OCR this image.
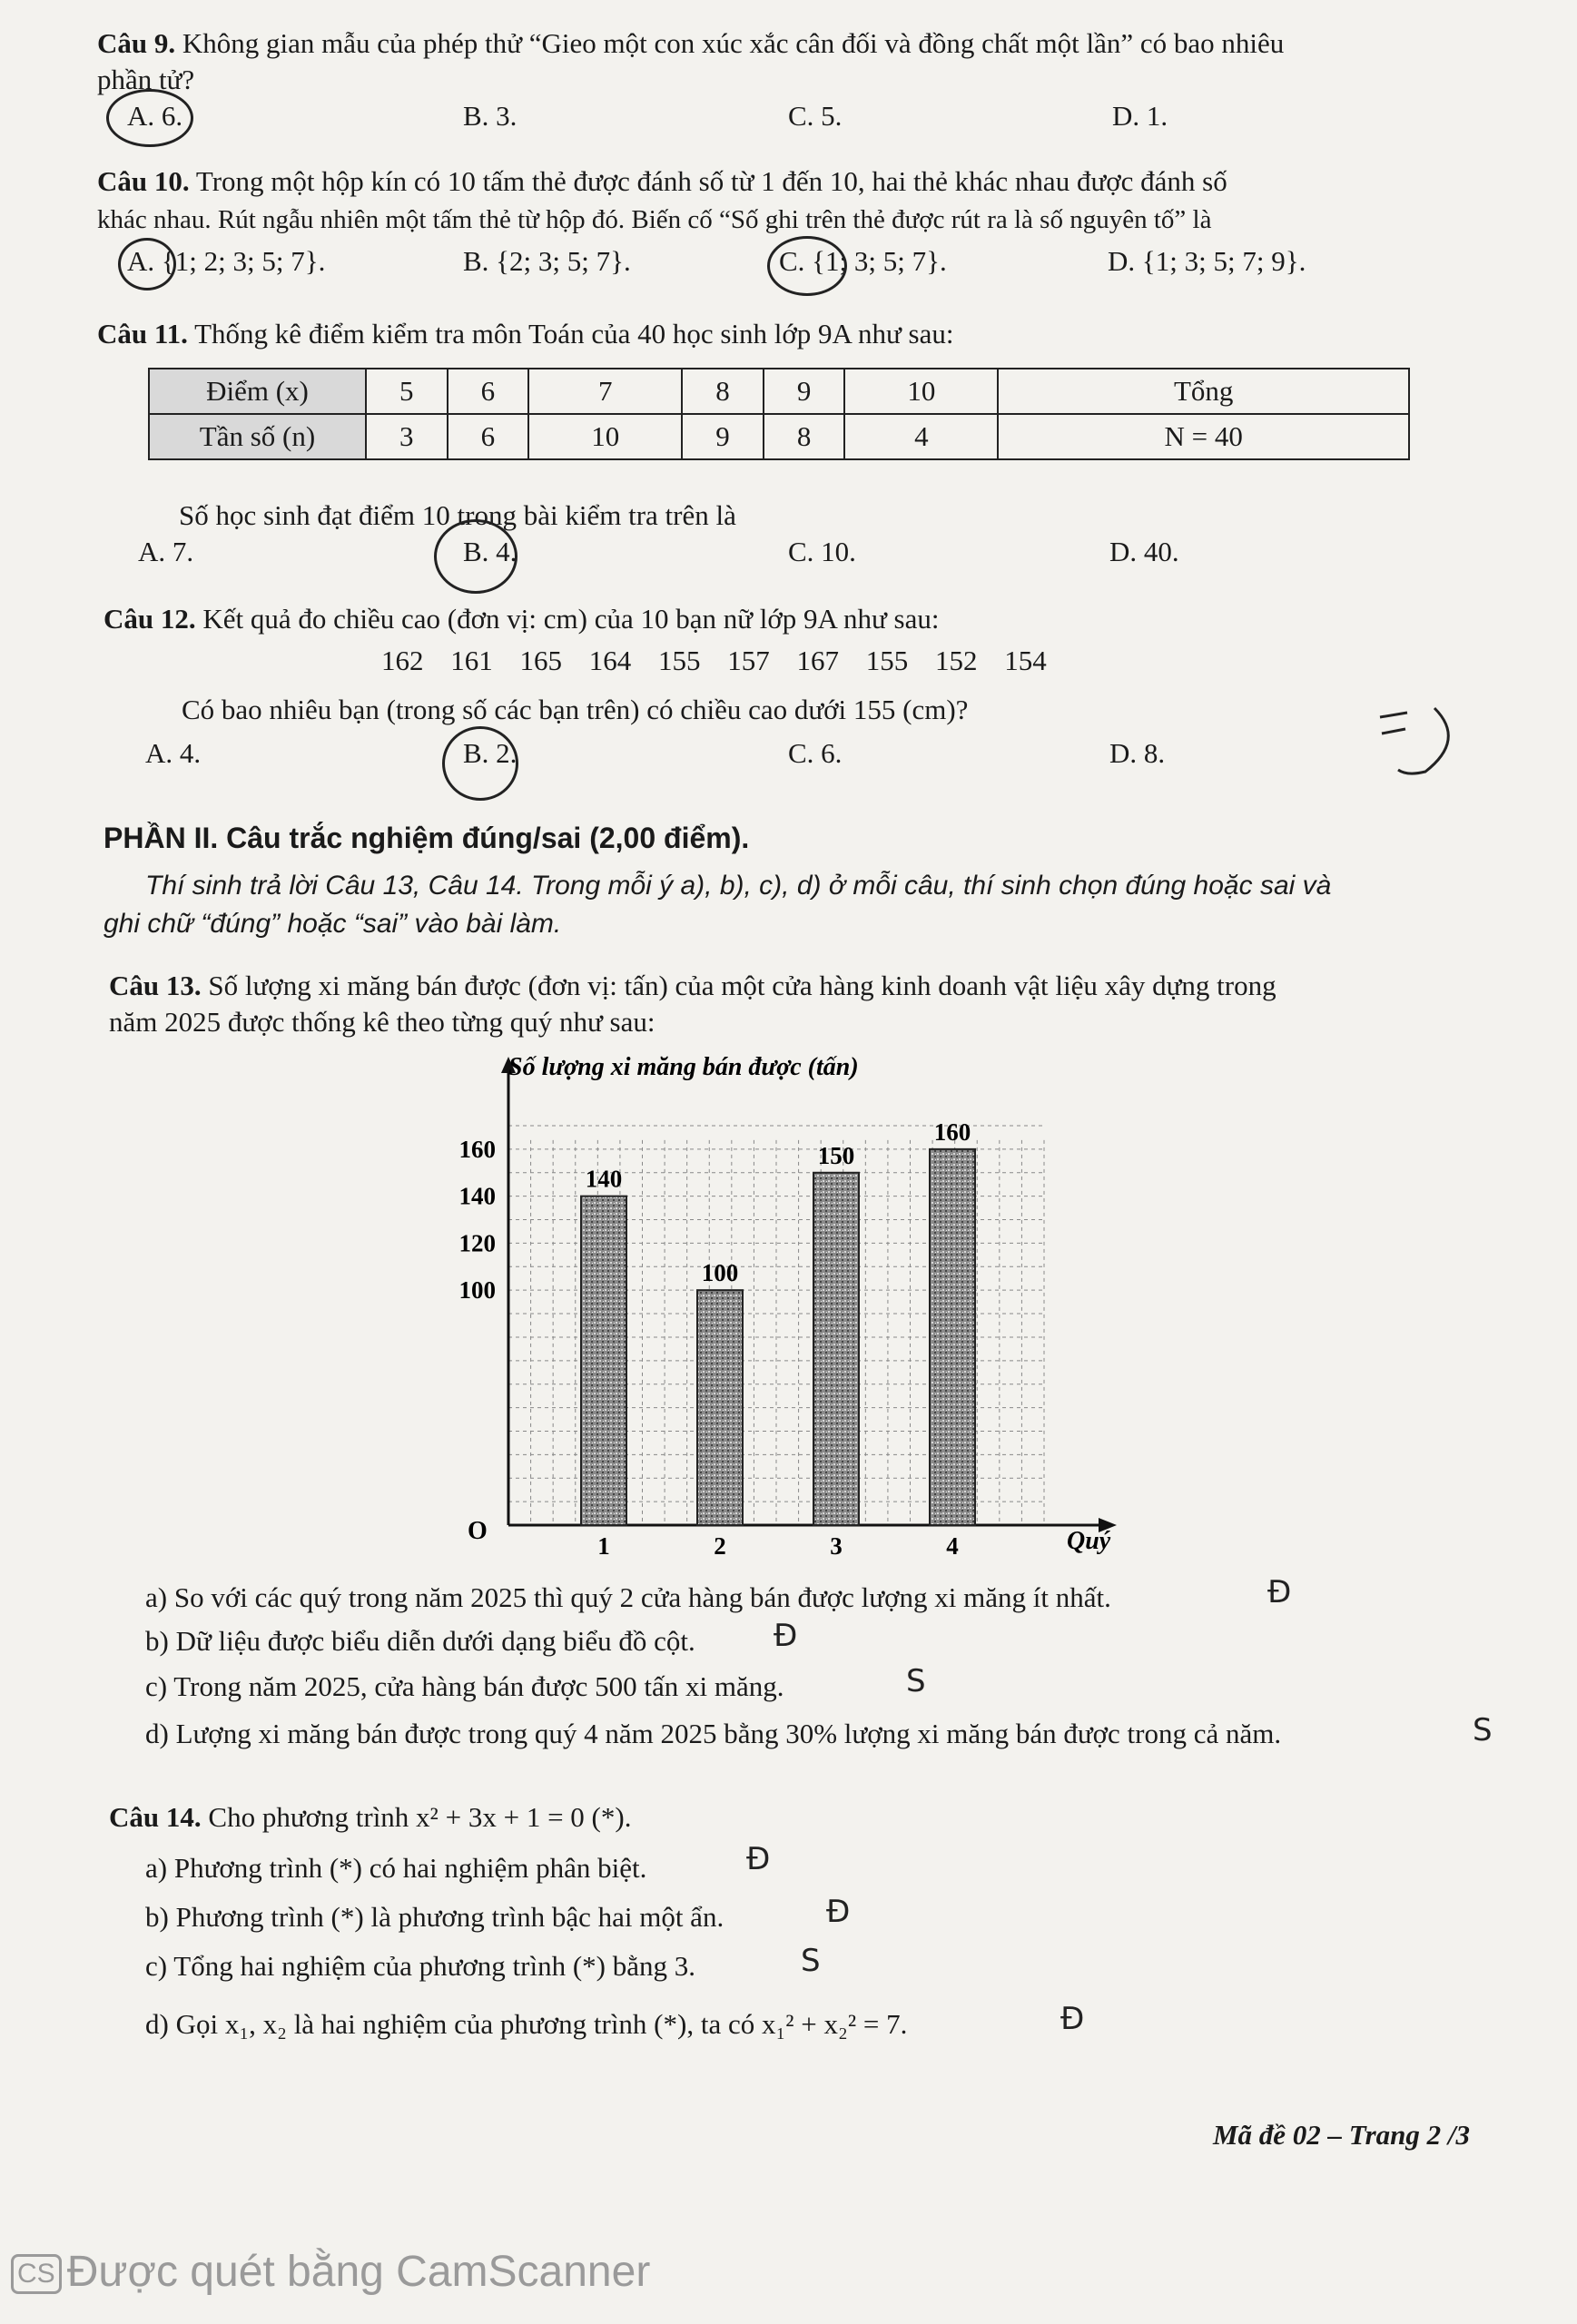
Câu 9. Không gian mẫu của phép thử “Gieo một con xúc xắc cân đối và đồng chất một lần” có bao nhiêu
phần tử?
A. 6.	B. 3.	C. 5.	D. 1.
Câu 10. Trong một hộp kín có 10 tấm thẻ được đánh số từ 1 đến 10, hai thẻ khác nhau được đánh số
khác nhau. Rút ngẫu nhiên một tấm thẻ từ hộp đó. Biến cố “Số ghi trên thẻ được rút ra là số nguyên tố” là
A. {1; 2; 3; 5; 7}.	B. {2; 3; 5; 7}.	C. {1; 3; 5; 7}.	D. {1; 3; 5; 7; 9}.
Câu 11. Thống kê điểm kiểm tra môn Toán của 40 học sinh lớp 9A như sau:
Điểm (x)	5	6	7	8	9	10	Tổng
Tần số (n)	3	6	10	9	8	4	N = 40
Số học sinh đạt điểm 10 trong bài kiểm tra trên là
A. 7.	B. 4.	C. 10.	D. 40.
Câu 12. Kết quả đo chiều cao (đơn vị: cm) của 10 bạn nữ lớp 9A như sau:
162 161 165 164 155 157 167 155 152 154
Có bao nhiêu bạn (trong số các bạn trên) có chiều cao dưới 155 (cm)?
A. 4.	B. 2.	C. 6.	D. 8.
PHẦN II. Câu trắc nghiệm đúng/sai (2,00 điểm).
Thí sinh trả lời Câu 13, Câu 14. Trong mỗi ý a), b), c), d) ở mỗi câu, thí sinh chọn đúng hoặc sai và
ghi chữ “đúng” hoặc “sai” vào bài làm.
Câu 13. Số lượng xi măng bán được (đơn vị: tấn) của một cửa hàng kinh doanh vật liệu xây dựng trong
năm 2025 được thống kê theo từng quý như sau:
100
120
140
160
140
1
100
2
150
3
160
4
Số lượng xi măng bán được (tấn)
Quý
O
a) So với các quý trong năm 2025 thì quý 2 cửa hàng bán được lượng xi măng ít nhất.	Đ
b) Dữ liệu được biểu diễn dưới dạng biểu đồ cột.	Đ
c) Trong năm 2025, cửa hàng bán được 500 tấn xi măng.	S
d) Lượng xi măng bán được trong quý 4 năm 2025 bằng 30% lượng xi măng bán được trong cả năm.	S
Câu 14. Cho phương trình x² + 3x + 1 = 0 (*).
a) Phương trình (*) có hai nghiệm phân biệt.	Đ
b) Phương trình (*) là phương trình bậc hai một ẩn.	Đ
c) Tổng hai nghiệm của phương trình (*) bằng 3.	S
d) Gọi x₁, x₂ là hai nghiệm của phương trình (*), ta có x₁² + x₂² = 7.	Đ
Mã đề 02 – Trang 2 /3
CS Được quét bằng CamScanner
